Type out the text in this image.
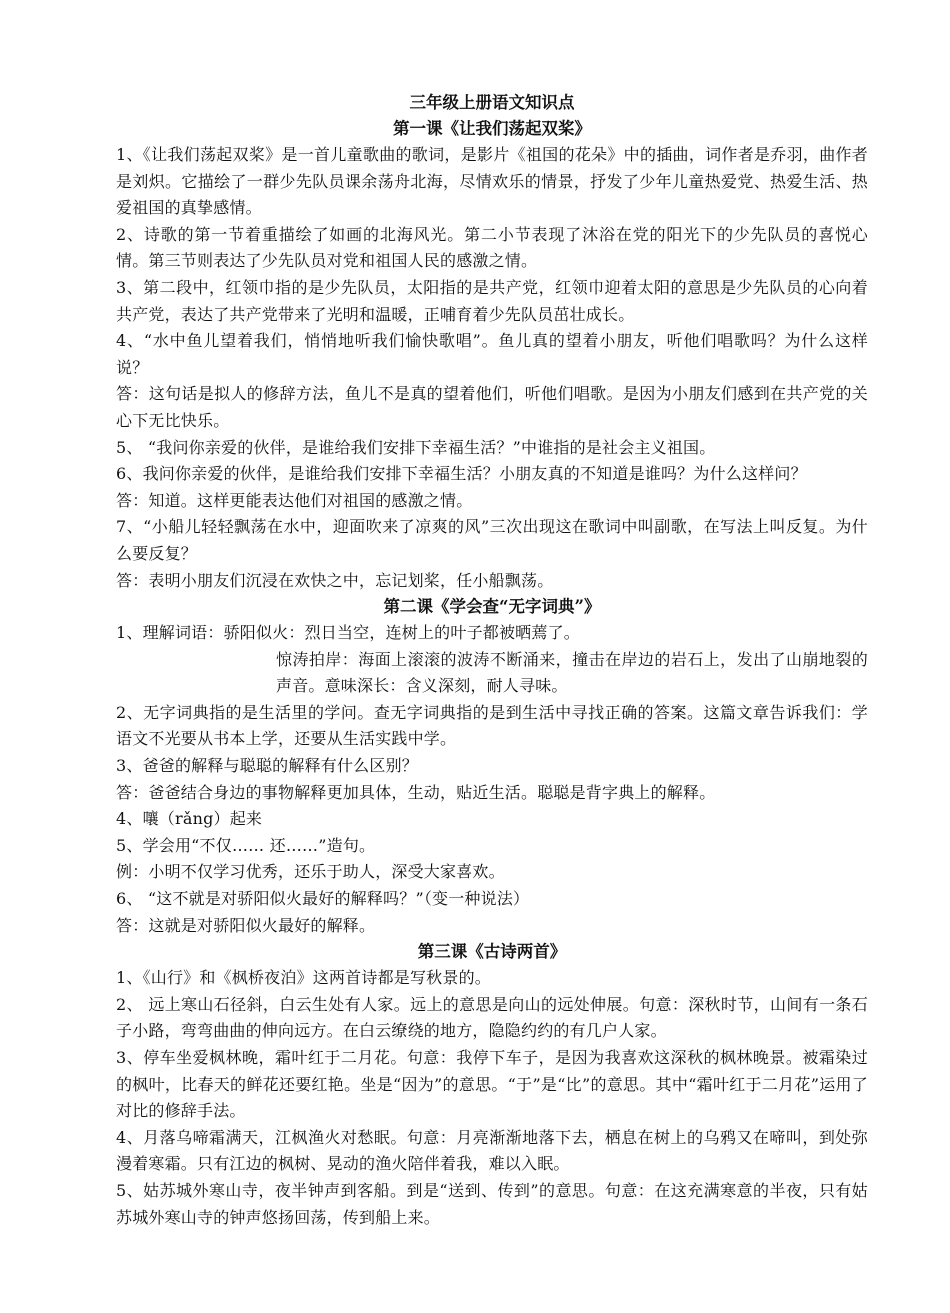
三年级上册语文知识点
第一课《让我们荡起双桨》
1、《让我们荡起双桨》是一首儿童歌曲的歌词，是影片《祖国的花朵》中的插曲，词作者是乔羽，曲作者是刘炽。它描绘了一群少先队员课余荡舟北海，尽情欢乐的情景，抒发了少年儿童热爱党、热爱生活、热爱祖国的真挚感情。
2、诗歌的第一节着重描绘了如画的北海风光。第二小节表现了沐浴在党的阳光下的少先队员的喜悦心情。第三节则表达了少先队员对党和祖国人民的感激之情。
3、第二段中，红领巾指的是少先队员，太阳指的是共产党，红领巾迎着太阳的意思是少先队员的心向着共产党，表达了共产党带来了光明和温暖，正哺育着少先队员茁壮成长。
4、“水中鱼儿望着我们，悄悄地听我们愉快歌唱”。鱼儿真的望着小朋友，听他们唱歌吗？为什么这样说？
答：这句话是拟人的修辞方法，鱼儿不是真的望着他们，听他们唱歌。是因为小朋友们感到在共产党的关心下无比快乐。
5、 “我问你亲爱的伙伴，是谁给我们安排下幸福生活？”中谁指的是社会主义祖国。
6、我问你亲爱的伙伴，是谁给我们安排下幸福生活？小朋友真的不知道是谁吗？为什么这样问？
答：知道。这样更能表达他们对祖国的感激之情。
7、“小船儿轻轻飘荡在水中，迎面吹来了凉爽的风”三次出现这在歌词中叫副歌，在写法上叫反复。为什么要反复？
答：表明小朋友们沉浸在欢快之中，忘记划桨，任小船飘荡。
第二课《学会查“无字词典”》
1、理解词语：骄阳似火：烈日当空，连树上的叶子都被晒蔫了。
惊涛拍岸：海面上滚滚的波涛不断涌来，撞击在岸边的岩石上，发出了山崩地裂的声音。意味深长：含义深刻，耐人寻味。
2、无字词典指的是生活里的学问。查无字词典指的是到生活中寻找正确的答案。这篇文章告诉我们：学语文不光要从书本上学，还要从生活实践中学。
3、爸爸的解释与聪聪的解释有什么区别？
答：爸爸结合身边的事物解释更加具体，生动，贴近生活。聪聪是背字典上的解释。
4、嚷（rǎng）起来
5、学会用“不仅…… 还……”造句。
例：小明不仅学习优秀，还乐于助人，深受大家喜欢。
6、 “这不就是对骄阳似火最好的解释吗？”（变一种说法）
答：这就是对骄阳似火最好的解释。
第三课《古诗两首》
1、《山行》和《枫桥夜泊》这两首诗都是写秋景的。
2、 远上寒山石径斜，白云生处有人家。远上的意思是向山的远处伸展。句意：深秋时节，山间有一条石子小路，弯弯曲曲的伸向远方。在白云缭绕的地方，隐隐约约的有几户人家。
3、停车坐爱枫林晚，霜叶红于二月花。句意：我停下车子，是因为我喜欢这深秋的枫林晚景。被霜染过的枫叶，比春天的鲜花还要红艳。坐是“因为”的意思。“于”是“比”的意思。其中“霜叶红于二月花”运用了对比的修辞手法。
4、月落乌啼霜满天，江枫渔火对愁眠。句意：月亮渐渐地落下去，栖息在树上的乌鸦又在啼叫，到处弥漫着寒霜。只有江边的枫树、晃动的渔火陪伴着我，难以入眠。
5、姑苏城外寒山寺，夜半钟声到客船。到是“送到、传到”的意思。句意：在这充满寒意的半夜，只有姑苏城外寒山寺的钟声悠扬回荡，传到船上来。
